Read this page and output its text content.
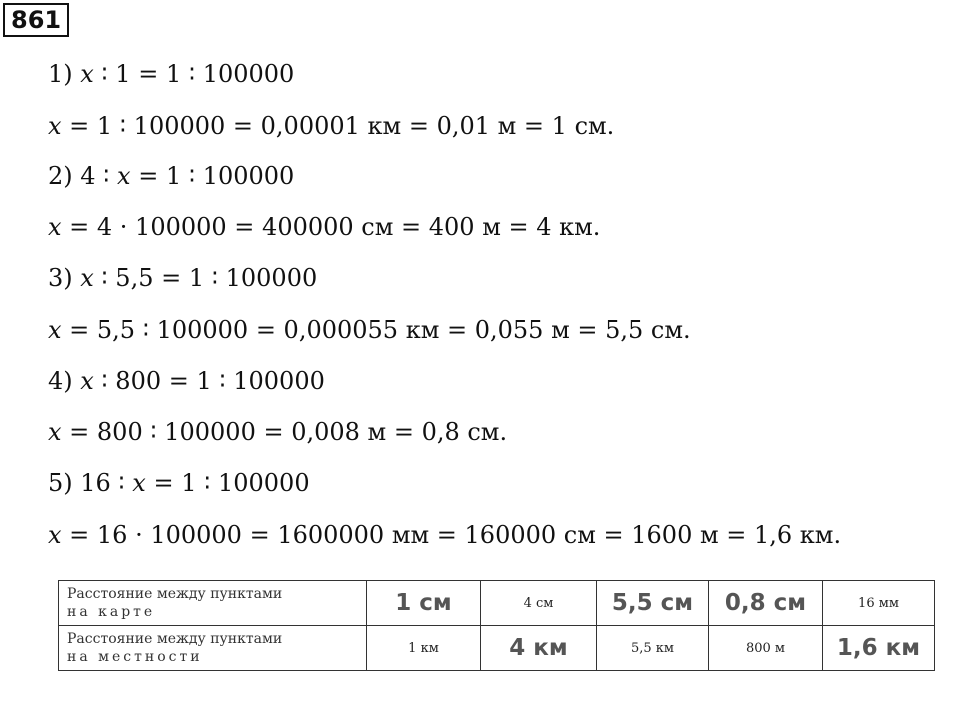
861
1) 𝑥 ∶ 1 = 1 ∶ 100000
𝑥 = 1 ∶ 100000 = 0,00001 км = 0,01 м = 1 см.
2) 4 ∶ 𝑥 = 1 ∶ 100000
𝑥 = 4 · 100000 = 400000 см = 400 м = 4 км.
3) 𝑥 ∶ 5,5 = 1 ∶ 100000
𝑥 = 5,5 ∶ 100000 = 0,000055 км = 0,055 м = 5,5 см.
4) 𝑥 ∶ 800 = 1 ∶ 100000
𝑥 = 800 ∶ 100000 = 0,008 м = 0,8 см.
5) 16 ∶ 𝑥 = 1 ∶ 100000
𝑥 = 16 · 100000 = 1600000 мм = 160000 см = 1600 м = 1,6 км.
Расстояние между пунктами
на карте	1 см	4 см	5,5 см	0,8 см	16 мм

Расстояние между пунктами
на местности	1 км	4 км	5,5 км	800 м	1,6 км
